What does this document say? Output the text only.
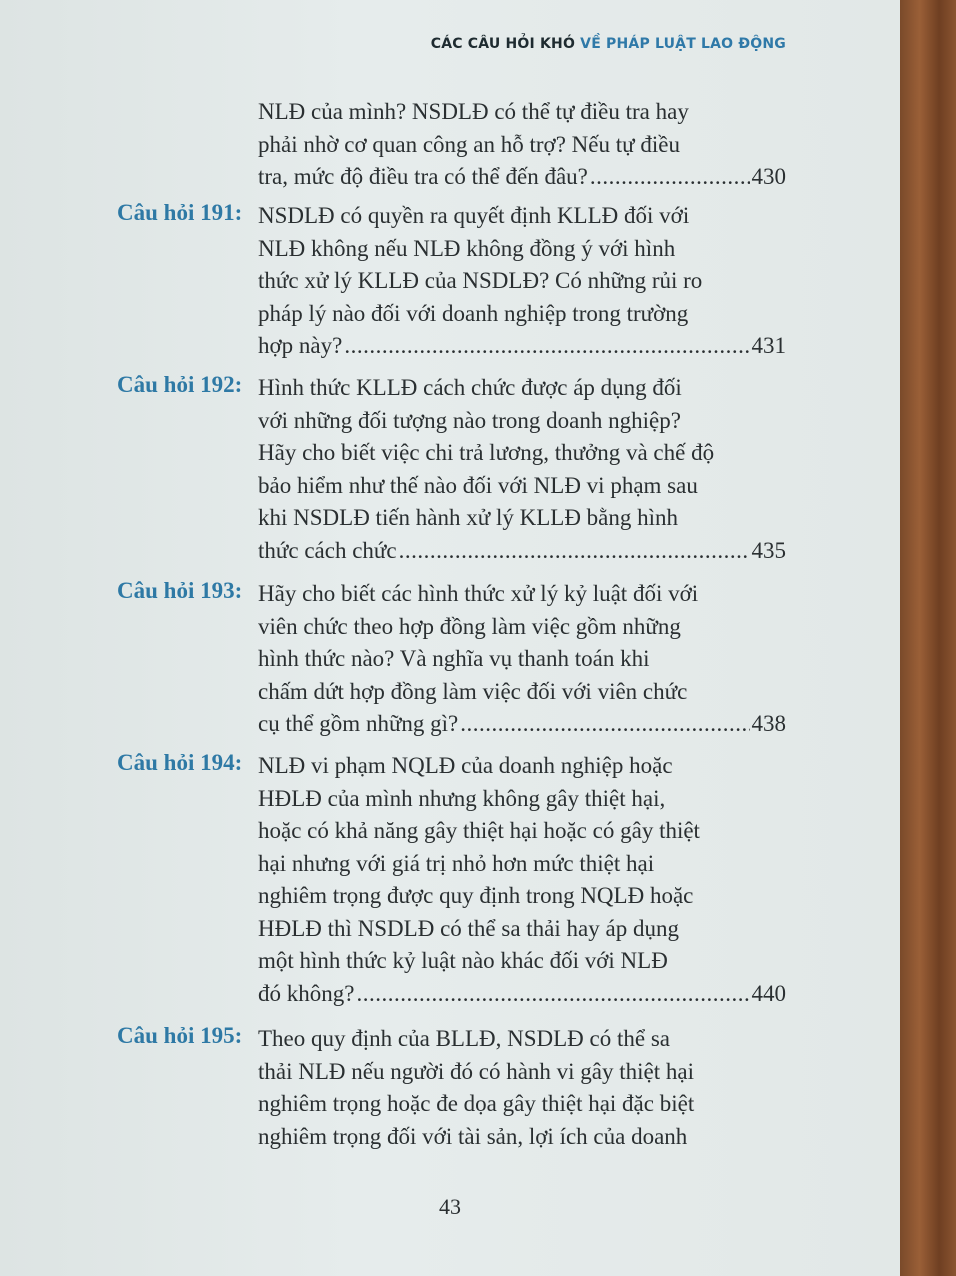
CÁC CÂU HỎI KHÓ VỀ PHÁP LUẬT LAO ĐỘNG
NLĐ của mình? NSDLĐ có thể tự điều tra hay
phải nhờ cơ quan công an hỗ trợ? Nếu tự điều
tra, mức độ điều tra có thể đến đâu? .....	430
Câu hỏi 191: NSDLĐ có quyền ra quyết định KLLĐ đối với
NLĐ không nếu NLĐ không đồng ý với hình
thức xử lý KLLĐ của NSDLĐ? Có những rủi ro
pháp lý nào đối với doanh nghiệp trong trường
hợp này? .....	431
Câu hỏi 192: Hình thức KLLĐ cách chức được áp dụng đối
với những đối tượng nào trong doanh nghiệp?
Hãy cho biết việc chi trả lương, thưởng và chế độ
bảo hiểm như thế nào đối với NLĐ vi phạm sau
khi NSDLĐ tiến hành xử lý KLLĐ bằng hình
thức cách chức .....	435
Câu hỏi 193: Hãy cho biết các hình thức xử lý kỷ luật đối với
viên chức theo hợp đồng làm việc gồm những
hình thức nào? Và nghĩa vụ thanh toán khi
chấm dứt hợp đồng làm việc đối với viên chức
cụ thể gồm những gì? .....	438
Câu hỏi 194: NLĐ vi phạm NQLĐ của doanh nghiệp hoặc
HĐLĐ của mình nhưng không gây thiệt hại,
hoặc có khả năng gây thiệt hại hoặc có gây thiệt
hại nhưng với giá trị nhỏ hơn mức thiệt hại
nghiêm trọng được quy định trong NQLĐ hoặc
HĐLĐ thì NSDLĐ có thể sa thải hay áp dụng
một hình thức kỷ luật nào khác đối với NLĐ
đó không? .....	440
Câu hỏi 195: Theo quy định của BLLĐ, NSDLĐ có thể sa
thải NLĐ nếu người đó có hành vi gây thiệt hại
nghiêm trọng hoặc đe dọa gây thiệt hại đặc biệt
nghiêm trọng đối với tài sản, lợi ích của doanh
43
